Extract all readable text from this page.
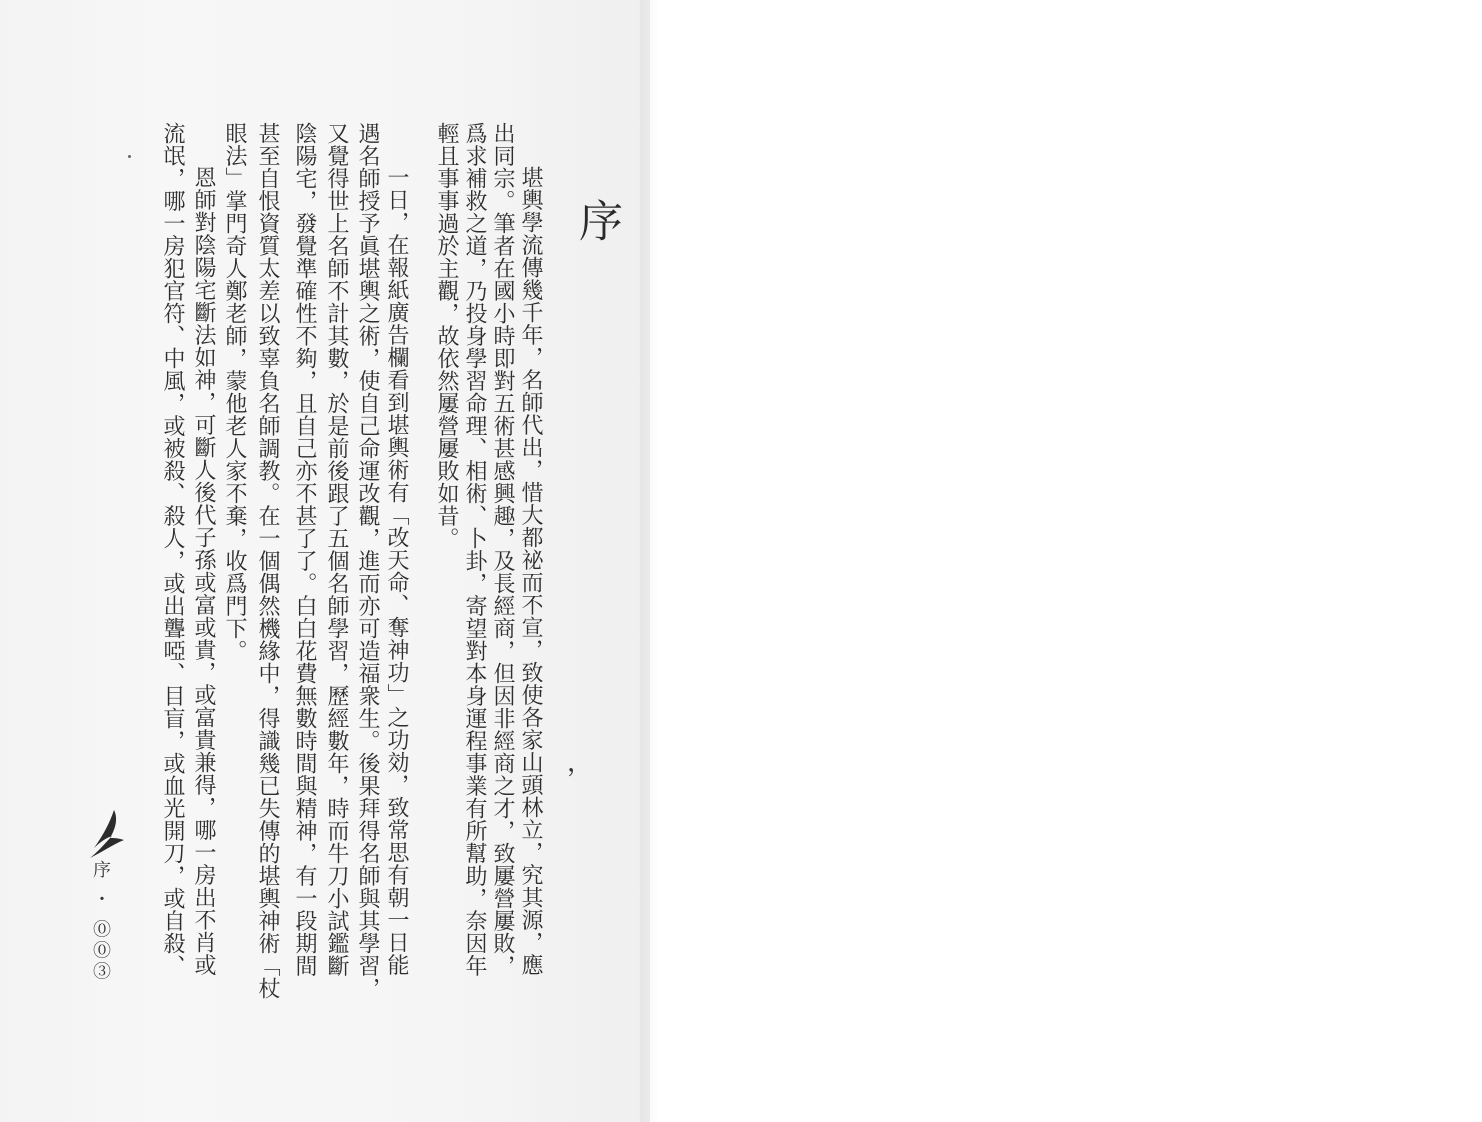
序
堪輿學流傳幾千年，名師代出，惜大都祕而不宣，致使各家山頭林立，究其源，應
出同宗。筆者在國小時即對五術甚感興趣，及長經商，但因非經商之才，致屢營屢敗，
爲求補救之道，乃投身學習命理、相術、卜卦，寄望對本身運程事業有所幫助，奈因年
輕且事事過於主觀，故依然屢營屢敗如昔。
一日，在報紙廣告欄看到堪輿術有「改天命、奪神功」之功効，致常思有朝一日能
遇名師授予眞堪輿之術，使自己命運改觀，進而亦可造福衆生。後果拜得名師與其學習，
又覺得世上名師不計其數，於是前後跟了五個名師學習，歷經數年，時而牛刀小試鑑斷
陰陽宅，發覺準確性不夠，且自己亦不甚了了。白白花費無數時間與精神，有一段期間
甚至自恨資質太差以致辜負名師調教。在一個偶然機緣中，得識幾已失傳的堪輿神術「杖
眼法」掌門奇人鄭老師，蒙他老人家不棄，收爲門下。
恩師對陰陽宅斷法如神，可斷人後代子孫或富或貴，或富貴兼得，哪一房出不肖或
流氓，哪一房犯官符、中風，或被殺、殺人，或出聾啞、目盲，或血光開刀，或自殺、	，
序 ・ ⓪⓪③
